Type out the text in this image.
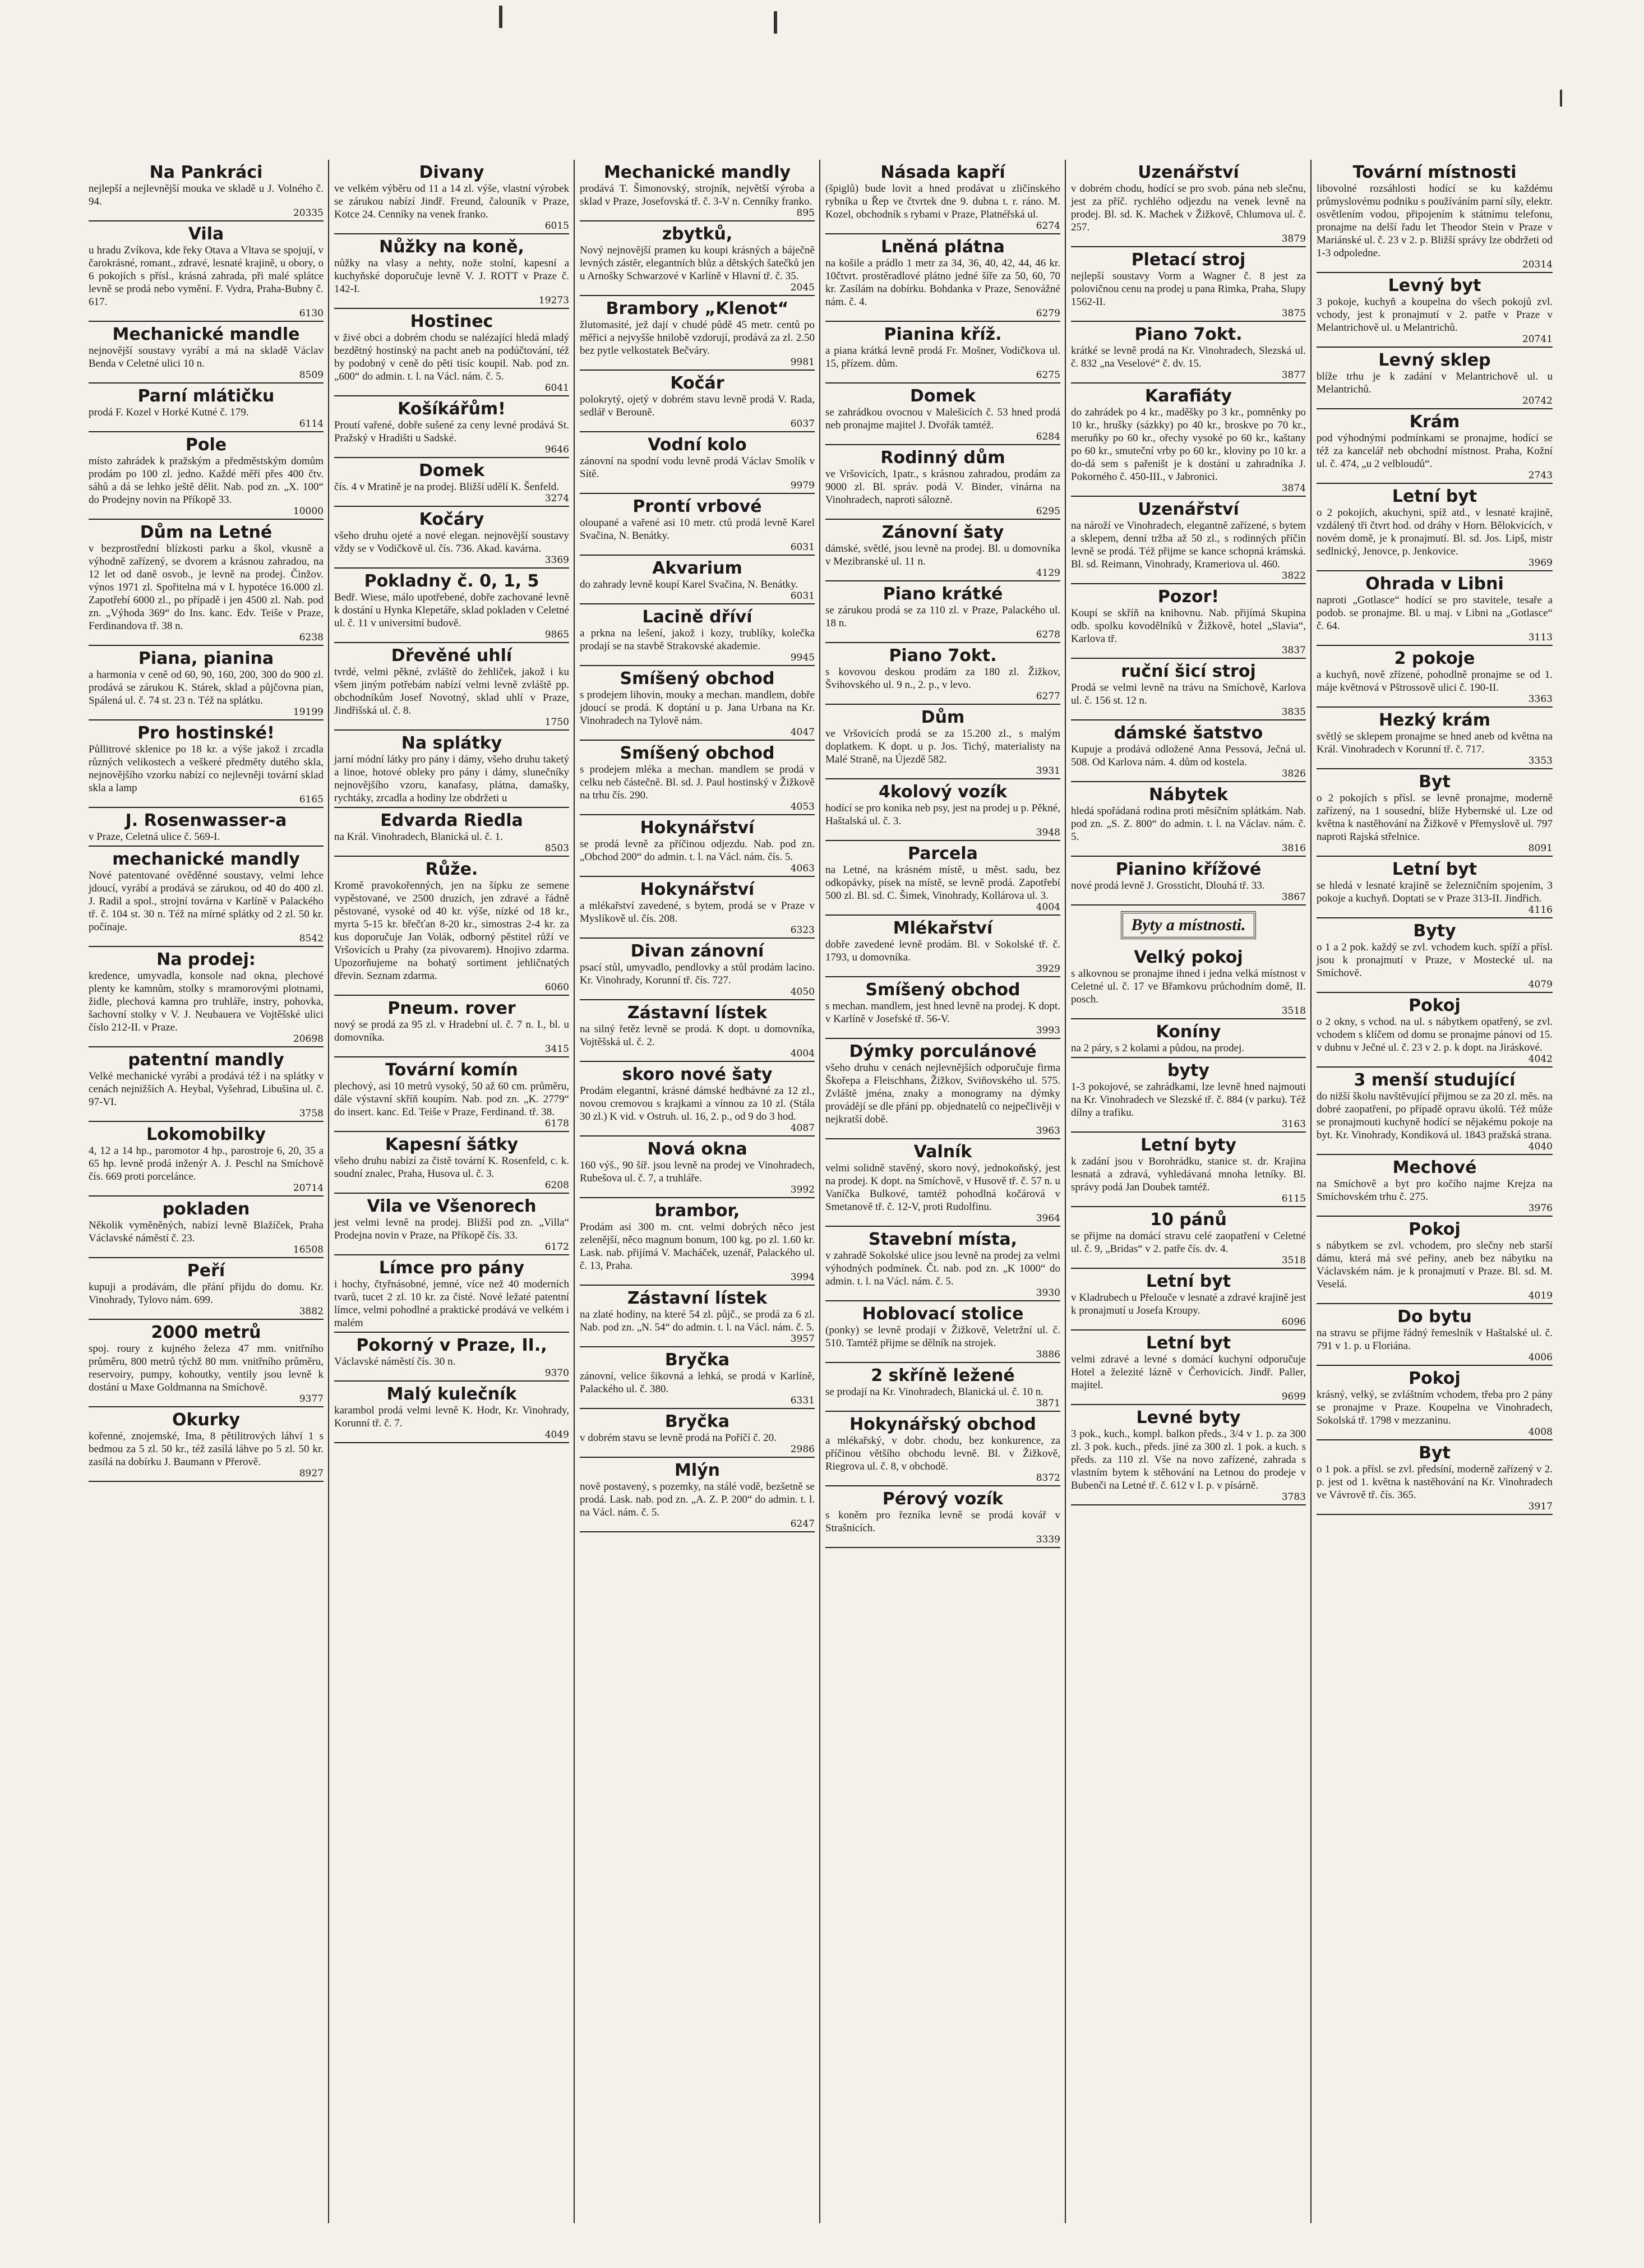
Na Pankráci

nejlepší a nejlevnější mouka ve skladě u J. Volného č. 94.

20335
Vila

u hradu Zvíkova, kde řeky Otava a Vltava se spojují, v čarokrásné, romant., zdravé, lesnaté krajině, u obory, o 6 pokojích s přísl., krásná zahrada, při malé splátce levně se prodá nebo vymění. F. Vydra, Praha-Bubny č. 617.

6130
Mechanické mandle

nejnovější soustavy vyrábí a má na skladě Václav Benda v Celetné ulici 10 n.

8509
Parní mlátičku

prodá F. Kozel v Horké Kutné č. 179.

6114
Pole

místo zahrádek k pražským a předměstským domům prodám po 100 zl. jedno. Každé měří přes 400 čtv. sáhů a dá se lehko ještě dělit. Nab. pod zn. „X. 100“ do Prodejny novin na Příkopě 33.

10000
Dům na Letné

v bezprostřední blízkosti parku a škol, vkusně a výhodně zařízený, se dvorem a krásnou zahradou, na 12 let od daně osvob., je levně na prodej. Činžov. výnos 1971 zl. Spořitelna má v I. hypotéce 16.000 zl. Zapotřebí 6000 zl., po případě i jen 4500 zl. Nab. pod zn. „Výhoda 369“ do Ins. kanc. Edv. Teiše v Praze, Ferdinandova tř. 38 n.

6238
Piana, pianina

a harmonia v ceně od 60, 90, 160, 200, 300 do 900 zl. prodává se zárukou K. Stárek, sklad a půjčovna pian, Spálená ul. č. 74 st. 23 n. Též na splátku.

19199
Pro hostinské!

Půllitrové sklenice po 18 kr. a výše jakož i zrcadla různých velikostech a veškeré předměty dutého skla, nejnovějšího vzorku nabízí co nejlevněji tovární sklad skla a lamp

6165
J. Rosenwasser-a

v Praze, Celetná ulice č. 569-I.

mechanické mandly

Nové patentované ověděnné soustavy, velmi lehce jdoucí, vyrábí a prodává se zárukou, od 40 do 400 zl. J. Radil a spol., strojní továrna v Karlíně v Palackého tř. č. 104 st. 30 n. Též na mírné splátky od 2 zl. 50 kr. počínaje.

8542
Na prodej:

kredence, umyvadla, konsole nad okna, plechové plenty ke kamnům, stolky s mramorovými plotnami, židle, plechová kamna pro truhláře, instry, pohovka, šachovní stolky v V. J. Neubauera ve Vojtěšské ulici číslo 212-II. v Praze.

20698
patentní mandly

Velké mechanické vyrábí a prodává též i na splátky v cenách nejnižších A. Heybal, Vyšehrad, Libušina ul. č. 97-VI.

3758
Lokomobilky

4, 12 a 14 hp., paromotor 4 hp., parostroje 6, 20, 35 a 65 hp. levně prodá inženýr A. J. Peschl na Smíchově čís. 669 proti porcelánce.

20714
pokladen

Několik vyměněných, nabízí levně Blažíček, Praha Václavské náměstí č. 23.

16508
Peří

kupuji a prodávám, dle přání přijdu do domu. Kr. Vinohrady, Tylovo nám. 699.

3882
2000 metrů

spoj. roury z kujného železa 47 mm. vnitřního průměru, 800 metrů týchž 80 mm. vnitřního průměru, reservoiry, pumpy, kohoutky, ventily jsou levně k dostání u Maxe Goldmanna na Smíchově.

9377
Okurky

kořenné, znojemské, Ima, 8 pětilitrových láhví 1 s bedmou za 5 zl. 50 kr., též zasílá láhve po 5 zl. 50 kr. zasílá na dobírku J. Baumann v Přerově.

8927
Divany

ve velkém výběru od 11 a 14 zl. výše, vlastní výrobek se zárukou nabízí Jindř. Freund, čalouník v Praze, Kotce 24. Cenníky na venek franko.

6015
Nůžky na koně,

nůžky na vlasy a nehty, nože stolní, kapesní a kuchyňské doporučuje levně V. J. ROTT v Praze č. 142-I.

19273
Hostinec

v živé obci a dobrém chodu se nalézající hledá mladý bezdětný hostinský na pacht aneb na podúčtování, též by podobný v ceně do pěti tisíc koupil. Nab. pod zn. „600“ do admin. t. l. na Václ. nám. č. 5.

6041
Košíkářům!

Proutí vařené, dobře sušené za ceny levné prodává St. Pražský v Hradišti u Sadské.

9646
Domek

čís. 4 v Mratině je na prodej. Bližší udělí K. Šenfeld.

3274
Kočáry

všeho druhu ojeté a nové elegan. nejnovější soustavy vždy se v Vodičkově ul. čís. 736. Akad. kavárna.

3369
Pokladny č. 0, 1, 5

Bedř. Wiese, málo upotřebené, dobře zachované levně k dostání u Hynka Klepetáře, sklad pokladen v Celetné ul. č. 11 v universitní budově.

9865
Dřevěné uhlí

tvrdé, velmi pěkné, zvláště do žehliček, jakož i ku všem jiným potřebám nabízí velmi levně zvláště pp. obchodníkům Josef Novotný, sklad uhlí v Praze, Jindřišská ul. č. 8.

1750
Na splátky

jarní módní látky pro pány i dámy, všeho druhu taketý a linoe, hotové obleky pro pány i dámy, slunečníky nejnovějšího vzoru, kanafasy, plátna, damašky, rychtáky, zrcadla a hodiny lze obdržeti u

Edvarda Riedla

na Král. Vinohradech, Blanická ul. č. 1.

8503
Růže.

Kromě pravokořenných, jen na šípku ze semene vypěstované, ve 2500 druzích, jen zdravé a řádně pěstované, vysoké od 40 kr. výše, nízké od 18 kr., myrta 5-15 kr. břečťan 8-20 kr., simostras 2-4 kr. za kus doporučuje Jan Volák, odborný pěstitel růží ve Vršovicích u Prahy (za pivovarem). Hnojivo zdarma. Upozorňujeme na bohatý sortiment jehličnatých dřevin. Seznam zdarma.

6060
Pneum. rover

nový se prodá za 95 zl. v Hradební ul. č. 7 n. I., bl. u domovníka.

3415
Tovární komín

plechový, asi 10 metrů vysoký, 50 až 60 cm. průměru, dále výstavní skříň koupím. Nab. pod zn. „K. 2779“ do insert. kanc. Ed. Teiše v Praze, Ferdinand. tř. 38.

6178
Kapesní šátky

všeho druhu nabízí za čistě tovární K. Rosenfeld, c. k. soudní znalec, Praha, Husova ul. č. 3.

6208
Vila ve Všenorech

jest velmi levně na prodej. Bližší pod zn. „Villa“ Prodejna novin v Praze, na Příkopě čís. 33.

6172
Límce pro pány

i hochy, čtyřnásobné, jemné, více než 40 moderních tvarů, tucet 2 zl. 10 kr. za čisté. Nové ležaté patentní límce, velmi pohodlné a praktické prodává ve velkém i malém

Pokorný v Praze, II.,

Václavské náměstí čís. 30 n.

9370
Malý kulečník

karambol prodá velmi levně K. Hodr, Kr. Vinohrady, Korunní tř. č. 7.

4049
Mechanické mandly

prodává T. Šimonovský, strojník, největší výroba a sklad v Praze, Josefovská tř. č. 3-V n. Cenníky franko.

895
zbytků,

Nový nejnovější pramen ku koupi krásných a báječně levných zástěr, elegantních blůz a dětských šatečků jen u Arnošky Schwarzové v Karlíně v Hlavní tř. č. 35.

2045
Brambory „Klenot“

žlutomasité, jež dají v chudé půdě 45 metr. centů po měřici a nejvyšše hnilobě vzdorují, prodává za zl. 2.50 bez pytle velkostatek Bečváry.

9981
Kočár

polokrytý, ojetý v dobrém stavu levně prodá V. Rada, sedlář v Berouně.

6037
Vodní kolo

zánovní na spodní vodu levně prodá Václav Smolík v Sítě.

9979
Prontí vrbové

oloupané a vařené asi 10 metr. ctů prodá levně Karel Svačina, N. Benátky.

6031
Akvarium

do zahrady levně koupí Karel Svačina, N. Benátky.

6031
Lacině dříví

a prkna na lešení, jakož i kozy, trublíky, kolečka prodají se na stavbě Strakovské akademie.

9945
Smíšený obchod

s prodejem lihovin, mouky a mechan. mandlem, dobře jdoucí se prodá. K doptání u p. Jana Urbana na Kr. Vinohradech na Tylově nám.

4047
Smíšený obchod

s prodejem mléka a mechan. mandlem se prodá v celku neb částečně. Bl. sd. J. Paul hostinský v Žižkově na trhu čís. 290.

4053
Hokynářství

se prodá levně za příčinou odjezdu. Nab. pod zn. „Obchod 200“ do admin. t. l. na Václ. nám. čís. 5.

4063
Hokynářství

a mlékařství zavedené, s bytem, prodá se v Praze v Myslíkově ul. čís. 208.

6323
Divan zánovní

psací stůl, umyvadlo, pendlovky a stůl prodám lacino. Kr. Vinohrady, Korunní tř. čís. 727.

4050
Zástavní lístek

na silný řetěz levně se prodá. K dopt. u domovníka, Vojtěšská ul. č. 2.

4004
skoro nové šaty

Prodám elegantní, krásné dámské hedbávné za 12 zl., novou cremovou s krajkami a vínnou za 10 zl. (Stála 30 zl.) K vid. v Ostruh. ul. 16, 2. p., od 9 do 3 hod.

4087
Nová okna

160 výš., 90 šíř. jsou levně na prodej ve Vinohradech, Rubešova ul. č. 7, a truhláře.

3992
brambor,

Prodám asi 300 m. cnt. velmi dobrých něco jest zelenější, něco magnum bonum, 100 kg. po zl. 1.60 kr. Lask. nab. přijímá V. Macháček, uzenář, Palackého ul. č. 13, Praha.

3994
Zástavní lístek

na zlaté hodiny, na které 54 zl. půjč., se prodá za 6 zl. Nab. pod zn. „N. 54“ do admin. t. l. na Václ. nám. č. 5.

3957
Bryčka

zánovní, velice šikovná a lehká, se prodá v Karlíně, Palackého ul. č. 380.

6331
Bryčka

v dobrém stavu se levně prodá na Poříčí č. 20.

2986
Mlýn

nově postavený, s pozemky, na stálé vodě, bezšetně se prodá. Lask. nab. pod zn. „A. Z. P. 200“ do admin. t. l. na Václ. nám. č. 5.

6247
Násada kapří

(špiglů) bude lovit a hned prodávat u zličínského rybníka u Řep ve čtvrtek dne 9. dubna t. r. ráno. M. Kozel, obchodník s rybami v Praze, Platnéřská ul.

6274
Lněná plátna

na košile a prádlo 1 metr za 34, 36, 40, 42, 44, 46 kr. 10čtvrt. prostěradlové plátno jedné šíře za 50, 60, 70 kr. Zasílám na dobírku. Bohdanka v Praze, Senovážné nám. č. 4.

6279
Pianina kříž.

a piana krátká levně prodá Fr. Mošner, Vodičkova ul. 15, přízem. dům.

6275
Domek

se zahrádkou ovocnou v Malešicích č. 53 hned prodá neb pronajme majitel J. Dvořák tamtéž.

6284
Rodinný dům

ve Vršovicích, 1patr., s krásnou zahradou, prodám za 9000 zl. Bl. správ. podá V. Binder, vinárna na Vinohradech, naproti sálozně.

6295
Zánovní šaty

dámské, světlé, jsou levně na prodej. Bl. u domovníka v Mezibranské ul. 11 n.

4129
Piano krátké

se zárukou prodá se za 110 zl. v Praze, Palackého ul. 18 n.

6278
Piano 7okt.

s kovovou deskou prodám za 180 zl. Žižkov, Švihovského ul. 9 n., 2. p., v levo.

6277
Dům

ve Vršovicích prodá se za 15.200 zl., s malým doplatkem. K dopt. u p. Jos. Tichý, materialisty na Malé Straně, na Újezdě 582.

3931
4kolový vozík

hodící se pro konika neb psy, jest na prodej u p. Pěkné, Haštalská ul. č. 3.

3948
Parcela

na Letné, na krásném místě, u měst. sadu, bez odkopávky, písek na místě, se levně prodá. Zapotřebí 500 zl. Bl. sd. C. Šimek, Vinohrady, Kollárova ul. 3.

4004
Mlékařství

dobře zavedené levně prodám. Bl. v Sokolské tř. č. 1793, u domovníka.

3929
Smíšený obchod

s mechan. mandlem, jest hned levně na prodej. K dopt. v Karlíně v Josefské tř. 56-V.

3993
Dýmky porculánové

všeho druhu v cenách nejlevnějších odporučuje firma Škořepa a Fleischhans, Žižkov, Sviňovského ul. 575. Zvláště jména, znaky a monogramy na dýmky provádějí se dle přání pp. objednatelů co nejpečlivěji v nejkratší době.

3963
Valník

velmi solidně stavěný, skoro nový, jednokoňský, jest na prodej. K dopt. na Smíchově, v Husově tř. č. 57 n. u Vaníčka Bulkové, tamtéž pohodlná kočárová v Smetanově tř. č. 12-V, proti Rudolfinu.

3964
Stavební místa,

v zahradě Sokolské ulice jsou levně na prodej za velmi výhodných podmínek. Čt. nab. pod zn. „K 1000“ do admin. t. l. na Václ. nám. č. 5.

3930
Hoblovací stolice

(ponky) se levně prodají v Žižkově, Veletržní ul. č. 510. Tamtéž přijme se dělník na strojek.

3886
2 skříně ležené

se prodají na Kr. Vinohradech, Blanická ul. č. 10 n.

3871
Hokynářský obchod

a mlékařský, v dobr. chodu, bez konkurence, za příčinou většího obchodu levně. Bl. v Žižkově, Riegrova ul. č. 8, v obchodě.

8372
Pérový vozík

s koněm pro řezníka levně se prodá kovář v Strašnicích.

3339
Uzenářství

v dobrém chodu, hodící se pro svob. pána neb slečnu, jest za příč. rychlého odjezdu na venek levně na prodej. Bl. sd. K. Machek v Žižkově, Chlumova ul. č. 257.

3879
Pletací stroj

nejlepší soustavy Vorm a Wagner č. 8 jest za polovičnou cenu na prodej u pana Rimka, Praha, Slupy 1562-II.

3875
Piano 7okt.

krátké se levně prodá na Kr. Vinohradech, Slezská ul. č. 832 „na Veselové“ č. dv. 15.

3877
Karafiáty

do zahrádek po 4 kr., maděšky po 3 kr., pomněnky po 10 kr., hrušky (sázkky) po 40 kr., broskve po 70 kr., meruňky po 60 kr., ořechy vysoké po 60 kr., kaštany po 60 kr., smuteční vrby po 60 kr., kloviny po 10 kr. a do-dá sem s pařeništ je k dostání u zahradníka J. Pokorného č. 450-III., v Jabronici.

3874
Uzenářství

na nároží ve Vinohradech, elegantně zařízené, s bytem a sklepem, denní tržba až 50 zl., s rodinných příčin levně se prodá. Též přijme se kance schopná krámská. Bl. sd. Reimann, Vinohrady, Krameriova ul. 460.

3822
Pozor!

Koupí se skříň na knihovnu. Nab. přijímá Skupina odb. spolku kovodělníků v Žižkově, hotel „Slavia“, Karlova tř.

3837
ruční šicí stroj

Prodá se velmi levně na trávu na Smíchově, Karlova ul. č. 156 st. 12 n.

3835
dámské šatstvo

Kupuje a prodává odložené Anna Pessová, Ječná ul. 508. Od Karlova nám. 4. dům od kostela.

3826
Nábytek

hledá spořádaná rodina proti měsíčním splátkám. Nab. pod zn. „S. Z. 800“ do admin. t. l. na Václav. nám. č. 5.

3816
Pianino křížové

nové prodá levně J. Grossticht, Dlouhá tř. 33.

3867
Byty a místnosti.
Velký pokoj

s alkovnou se pronajme ihned i jedna velká místnost v Celetné ul. č. 17 ve Břamkovu průchodním domě, II. posch.

3518
Koníny

na 2 páry, s 2 kolami a půdou, na prodej.

byty

1-3 pokojové, se zahrádkami, lze levně hned najmouti na Kr. Vinohradech ve Slezské tř. č. 884 (v parku). Též dílny a trafiku.

3163
Letní byty

k zadání jsou v Borohrádku, stanice st. dr. Krajina lesnatá a zdravá, vyhledávaná mnoha letníky. Bl. správy podá Jan Doubek tamtéž.

6115
10 pánů

se přijme na domácí stravu celé zaopatření v Celetné ul. č. 9, „Bridas“ v 2. patře čís. dv. 4.

3518
Letní byt

v Kladrubech u Přelouče v lesnaté a zdravé krajině jest k pronajmutí u Josefa Kroupy.

6096
Letní byt

velmi zdravé a levné s domácí kuchyní odporučuje Hotel a železité lázně v Čerhovicích. Jindř. Paller, majitel.

9699
Levné byty

3 pok., kuch., kompl. balkon předs., 3/4 v 1. p. za 300 zl. 3 pok. kuch., předs. jiné za 300 zl. 1 pok. a kuch. s předs. za 110 zl. Vše na novo zařízené, zahrada s vlastním bytem k stěhování na Letnou do prodeje v Bubenči na Letné tř. č. 612 v I. p. v písárně.

3783
Tovární místnosti

libovolné rozsáhlosti hodící se ku každému průmyslovému podniku s používáním parní síly, elektr. osvětlením vodou, připojením k státnímu telefonu, pronajme na delší řadu let Theodor Stein v Praze v Mariánské ul. č. 23 v 2. p. Bližší správy lze obdržeti od 1-3 odpoledne.

20314
Levný byt

3 pokoje, kuchyň a koupelna do všech pokojů zvl. vchody, jest k pronajmutí v 2. patře v Praze v Melantrichově ul. u Melantrichů.

20741
Levný sklep

blíže trhu je k zadání v Melantrichově ul. u Melantrichů.

20742
Krám

pod výhodnými podmínkami se pronajme, hodící se též za kancelář neb obchodní místnost. Praha, Kožní ul. č. 474, „u 2 velbloudů“.

2743
Letní byt

o 2 pokojích, akuchyni, spíž atd., v lesnaté krajině, vzdálený tři čtvrt hod. od dráhy v Horn. Bělokvicích, v novém domě, je k pronajmutí. Bl. sd. Jos. Lipš, mistr sedlnický, Jenovce, p. Jenkovice.

3969
Ohrada v Libni

naproti „Gotlasce“ hodící se pro stavitele, tesaře a podob. se pronajme. Bl. u maj. v Libni na „Gotlasce“ č. 64.

3113
2 pokoje

a kuchyň, nově zřízené, pohodlně pronajme se od 1. máje květnová v Pštrossově ulici č. 190-II.

3363
Hezký krám

světlý se sklepem pronajme se hned aneb od května na Král. Vinohradech v Korunní tř. č. 717.

3353
Byt

o 2 pokojích s přísl. se levně pronajme, moderně zařízený, na 1 sousední, blíže Hybernské ul. Lze od května k nastěhování na Žižkově v Přemyslově ul. 797 naproti Rajská střelnice.

8091
Letní byt

se hledá v lesnaté krajině se železničním spojením, 3 pokoje a kuchyň. Doptati se v Praze 313-II. Jindřich.

4116
Byty

o 1 a 2 pok. každý se zvl. vchodem kuch. spíží a přísl. jsou k pronajmutí v Praze, v Mostecké ul. na Smíchově.

4079
Pokoj

o 2 okny, s vchod. na ul. s nábytkem opatřený, se zvl. vchodem s klíčem od domu se pronajme pánovi od 15. v dubnu v Ječné ul. č. 23 v 2. p. k dopt. na Jiráskové.

4042
3 menší studující

do nižší školu navštěvující přijmou se za 20 zl. měs. na dobré zaopatření, po případě opravu úkolů. Též může se pronajmouti kuchyně hodící se nějakému pokoje na byt. Kr. Vinohrady, Kondiková ul. 1843 pražská strana.

4040
Mechové

na Smíchově a byt pro kočího najme Krejza na Smíchovském trhu č. 275.

3976
Pokoj

s nábytkem se zvl. vchodem, pro slečny neb starší dámu, která má své peřiny, aneb bez nábytku na Václavském nám. je k pronajmutí v Praze. Bl. sd. M. Veselá.

4019
Do bytu

na stravu se přijme řádný řemeslník v Haštalské ul. č. 791 v 1. p. u Floriána.

4006
Pokoj

krásný, velký, se zvláštním vchodem, třeba pro 2 pány se pronajme v Praze. Koupelna ve Vinohradech, Sokolská tř. 1798 v mezzaninu.

4008
Byt

o 1 pok. a přísl. se zvl. předsíní, moderně zařízený v 2. p. jest od 1. května k nastěhování na Kr. Vinohradech ve Vávrově tř. čís. 365.

3917
